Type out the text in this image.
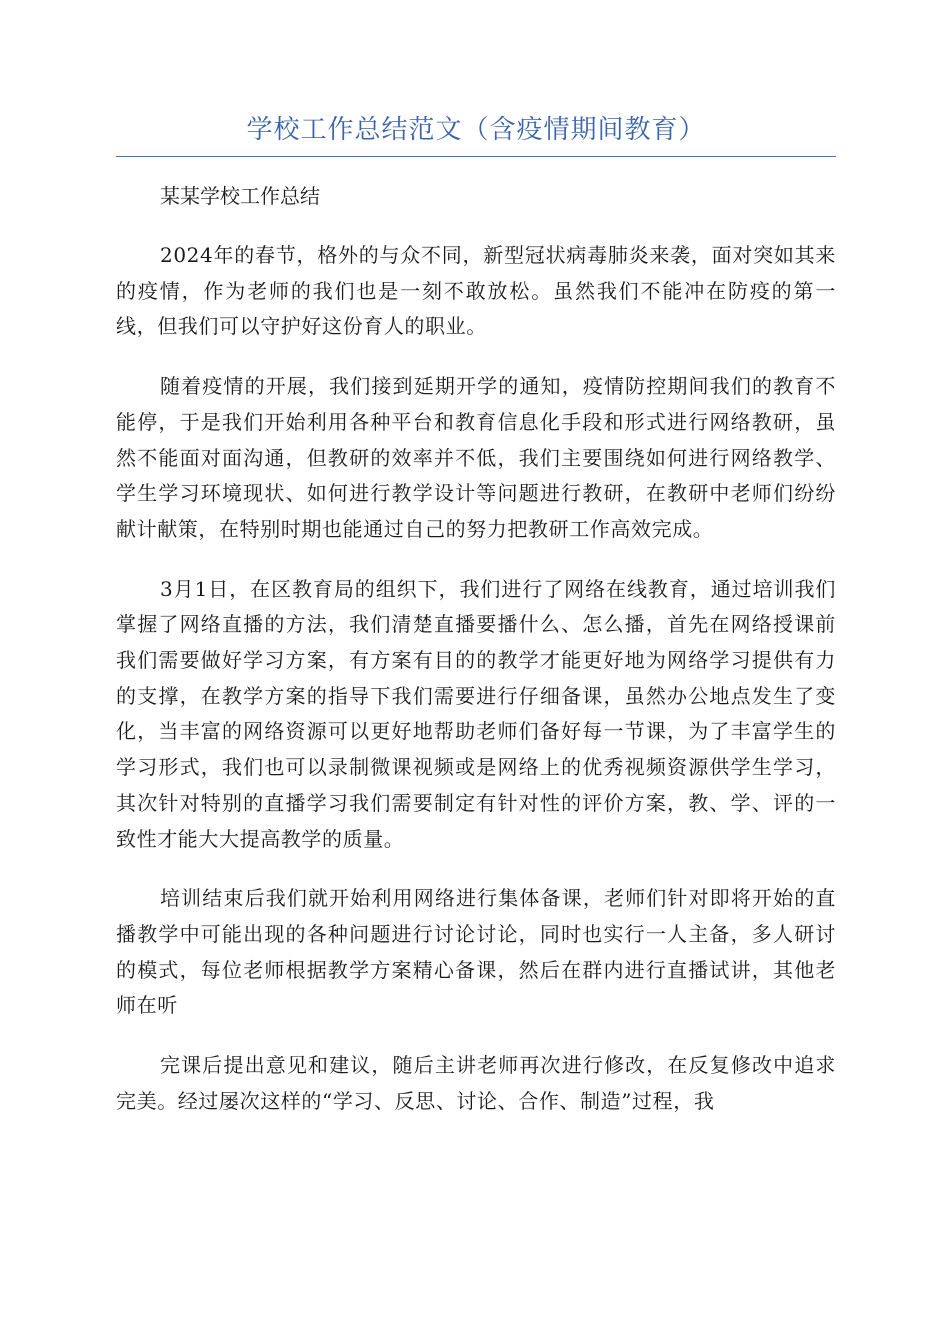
学校工作总结范文（含疫情期间教育）

某某学校工作总结

2024年的春节，格外的与众不同，新型冠状病毒肺炎来袭，面对突如其来的疫情，作为老师的我们也是一刻不敢放松。虽然我们不能冲在防疫的第一线，但我们可以守护好这份育人的职业。

随着疫情的开展，我们接到延期开学的通知，疫情防控期间我们的教育不能停，于是我们开始利用各种平台和教育信息化手段和形式进行网络教研，虽然不能面对面沟通，但教研的效率并不低，我们主要围绕如何进行网络教学、学生学习环境现状、如何进行教学设计等问题进行教研，在教研中老师们纷纷献计献策，在特别时期也能通过自己的努力把教研工作高效完成。

3月1日，在区教育局的组织下，我们进行了网络在线教育，通过培训我们掌握了网络直播的方法，我们清楚直播要播什么、怎么播，首先在网络授课前我们需要做好学习方案，有方案有目的的教学才能更好地为网络学习提供有力的支撑，在教学方案的指导下我们需要进行仔细备课，虽然办公地点发生了变化，当丰富的网络资源可以更好地帮助老师们备好每一节课，为了丰富学生的学习形式，我们也可以录制微课视频或是网络上的优秀视频资源供学生学习，其次针对特别的直播学习我们需要制定有针对性的评价方案，教、学、评的一致性才能大大提高教学的质量。

培训结束后我们就开始利用网络进行集体备课，老师们针对即将开始的直播教学中可能出现的各种问题进行讨论讨论，同时也实行一人主备，多人研讨的模式，每位老师根据教学方案精心备课，然后在群内进行直播试讲，其他老师在听

完课后提出意见和建议，随后主讲老师再次进行修改，在反复修改中追求完美。经过屡次这样的“学习、反思、讨论、合作、制造”过程，我
